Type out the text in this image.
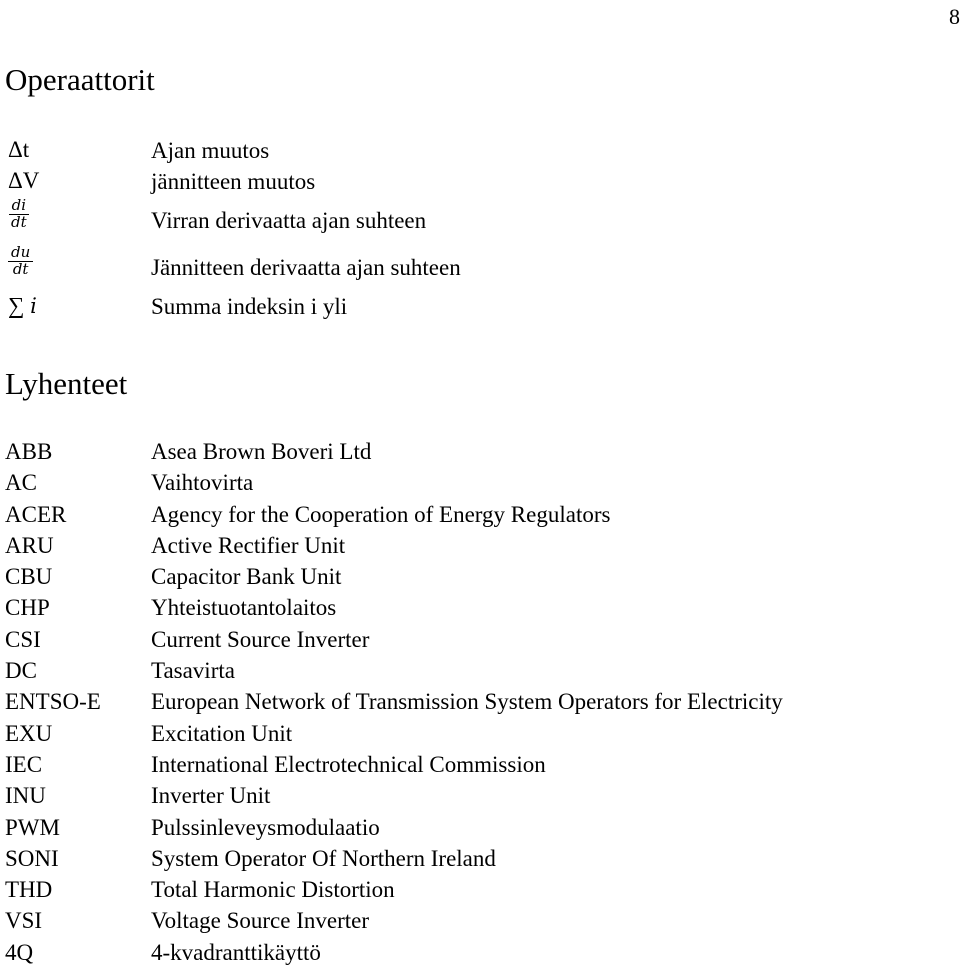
8
Operaattorit
Δt	Ajan muutos
ΔV	jännitteen muutos
$\frac{di}{dt}$	Virran derivaatta ajan suhteen
$\frac{du}{dt}$	Jännitteen derivaatta ajan suhteen
∑ i	Summa indeksin i yli
Lyhenteet
ABB	Asea Brown Boveri Ltd
AC	Vaihtovirta
ACER	Agency for the Cooperation of Energy Regulators
ARU	Active Rectifier Unit
CBU	Capacitor Bank Unit
CHP	Yhteistuotantolaitos
CSI	Current Source Inverter
DC	Tasavirta
ENTSO-E European Network of Transmission System Operators for Electricity
EXU	Excitation Unit
IEC	International Electrotechnical Commission
INU	Inverter Unit
PWM	Pulssinleveysmodulaatio
SONI	System Operator Of Northern Ireland
THD	Total Harmonic Distortion
VSI	Voltage Source Inverter
4Q	4-kvadranttikäyttö
